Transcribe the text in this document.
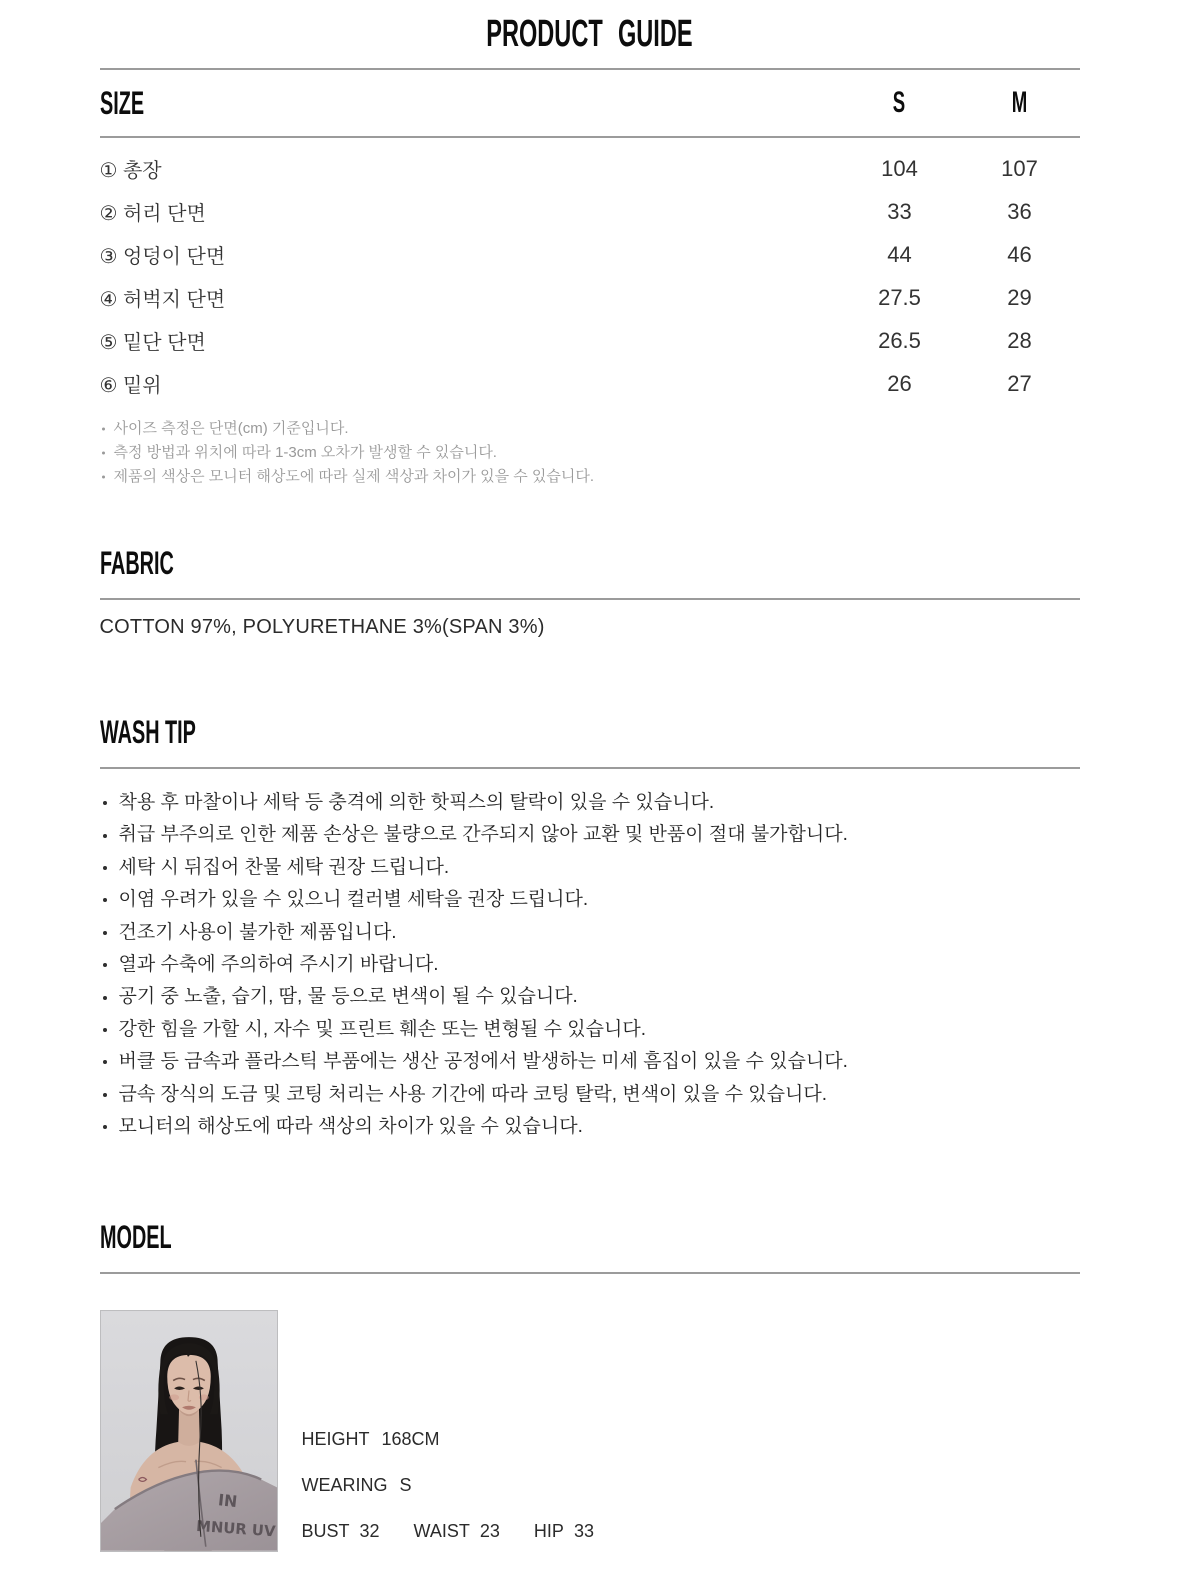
PRODUCT GUIDE
SIZE	S	M
① 총장	104	107
② 허리 단면	33	36
③ 엉덩이 단면	44	46
④ 허벅지 단면	27.5	29
⑤ 밑단 단면	26.5	28
⑥ 밑위	26	27
사이즈 측정은 단면(cm) 기준입니다.
측정 방법과 위치에 따라 1-3cm 오차가 발생할 수 있습니다.
제품의 색상은 모니터 해상도에 따라 실제 색상과 차이가 있을 수 있습니다.
FABRIC
COTTON 97%, POLYURETHANE 3%(SPAN 3%)
WASH TIP
착용 후 마찰이나 세탁 등 충격에 의한 핫픽스의 탈락이 있을 수 있습니다.
취급 부주의로 인한 제품 손상은 불량으로 간주되지 않아 교환 및 반품이 절대 불가합니다.
세탁 시 뒤집어 찬물 세탁 권장 드립니다.
이염 우려가 있을 수 있으니 컬러별 세탁을 권장 드립니다.
건조기 사용이 불가한 제품입니다.
열과 수축에 주의하여 주시기 바랍니다.
공기 중 노출, 습기, 땀, 물 등으로 변색이 될 수 있습니다.
강한 힘을 가할 시, 자수 및 프린트 훼손 또는 변형될 수 있습니다.
버클 등 금속과 플라스틱 부품에는 생산 공정에서 발생하는 미세 흠집이 있을 수 있습니다.
금속 장식의 도금 및 코팅 처리는 사용 기간에 따라 코팅 탈락, 변색이 있을 수 있습니다.
모니터의 해상도에 따라 색상의 차이가 있을 수 있습니다.
MODEL
IN
MNUR UV
HEIGHT 168CM
WEARING S
BUST 32 WAIST 23 HIP 33
